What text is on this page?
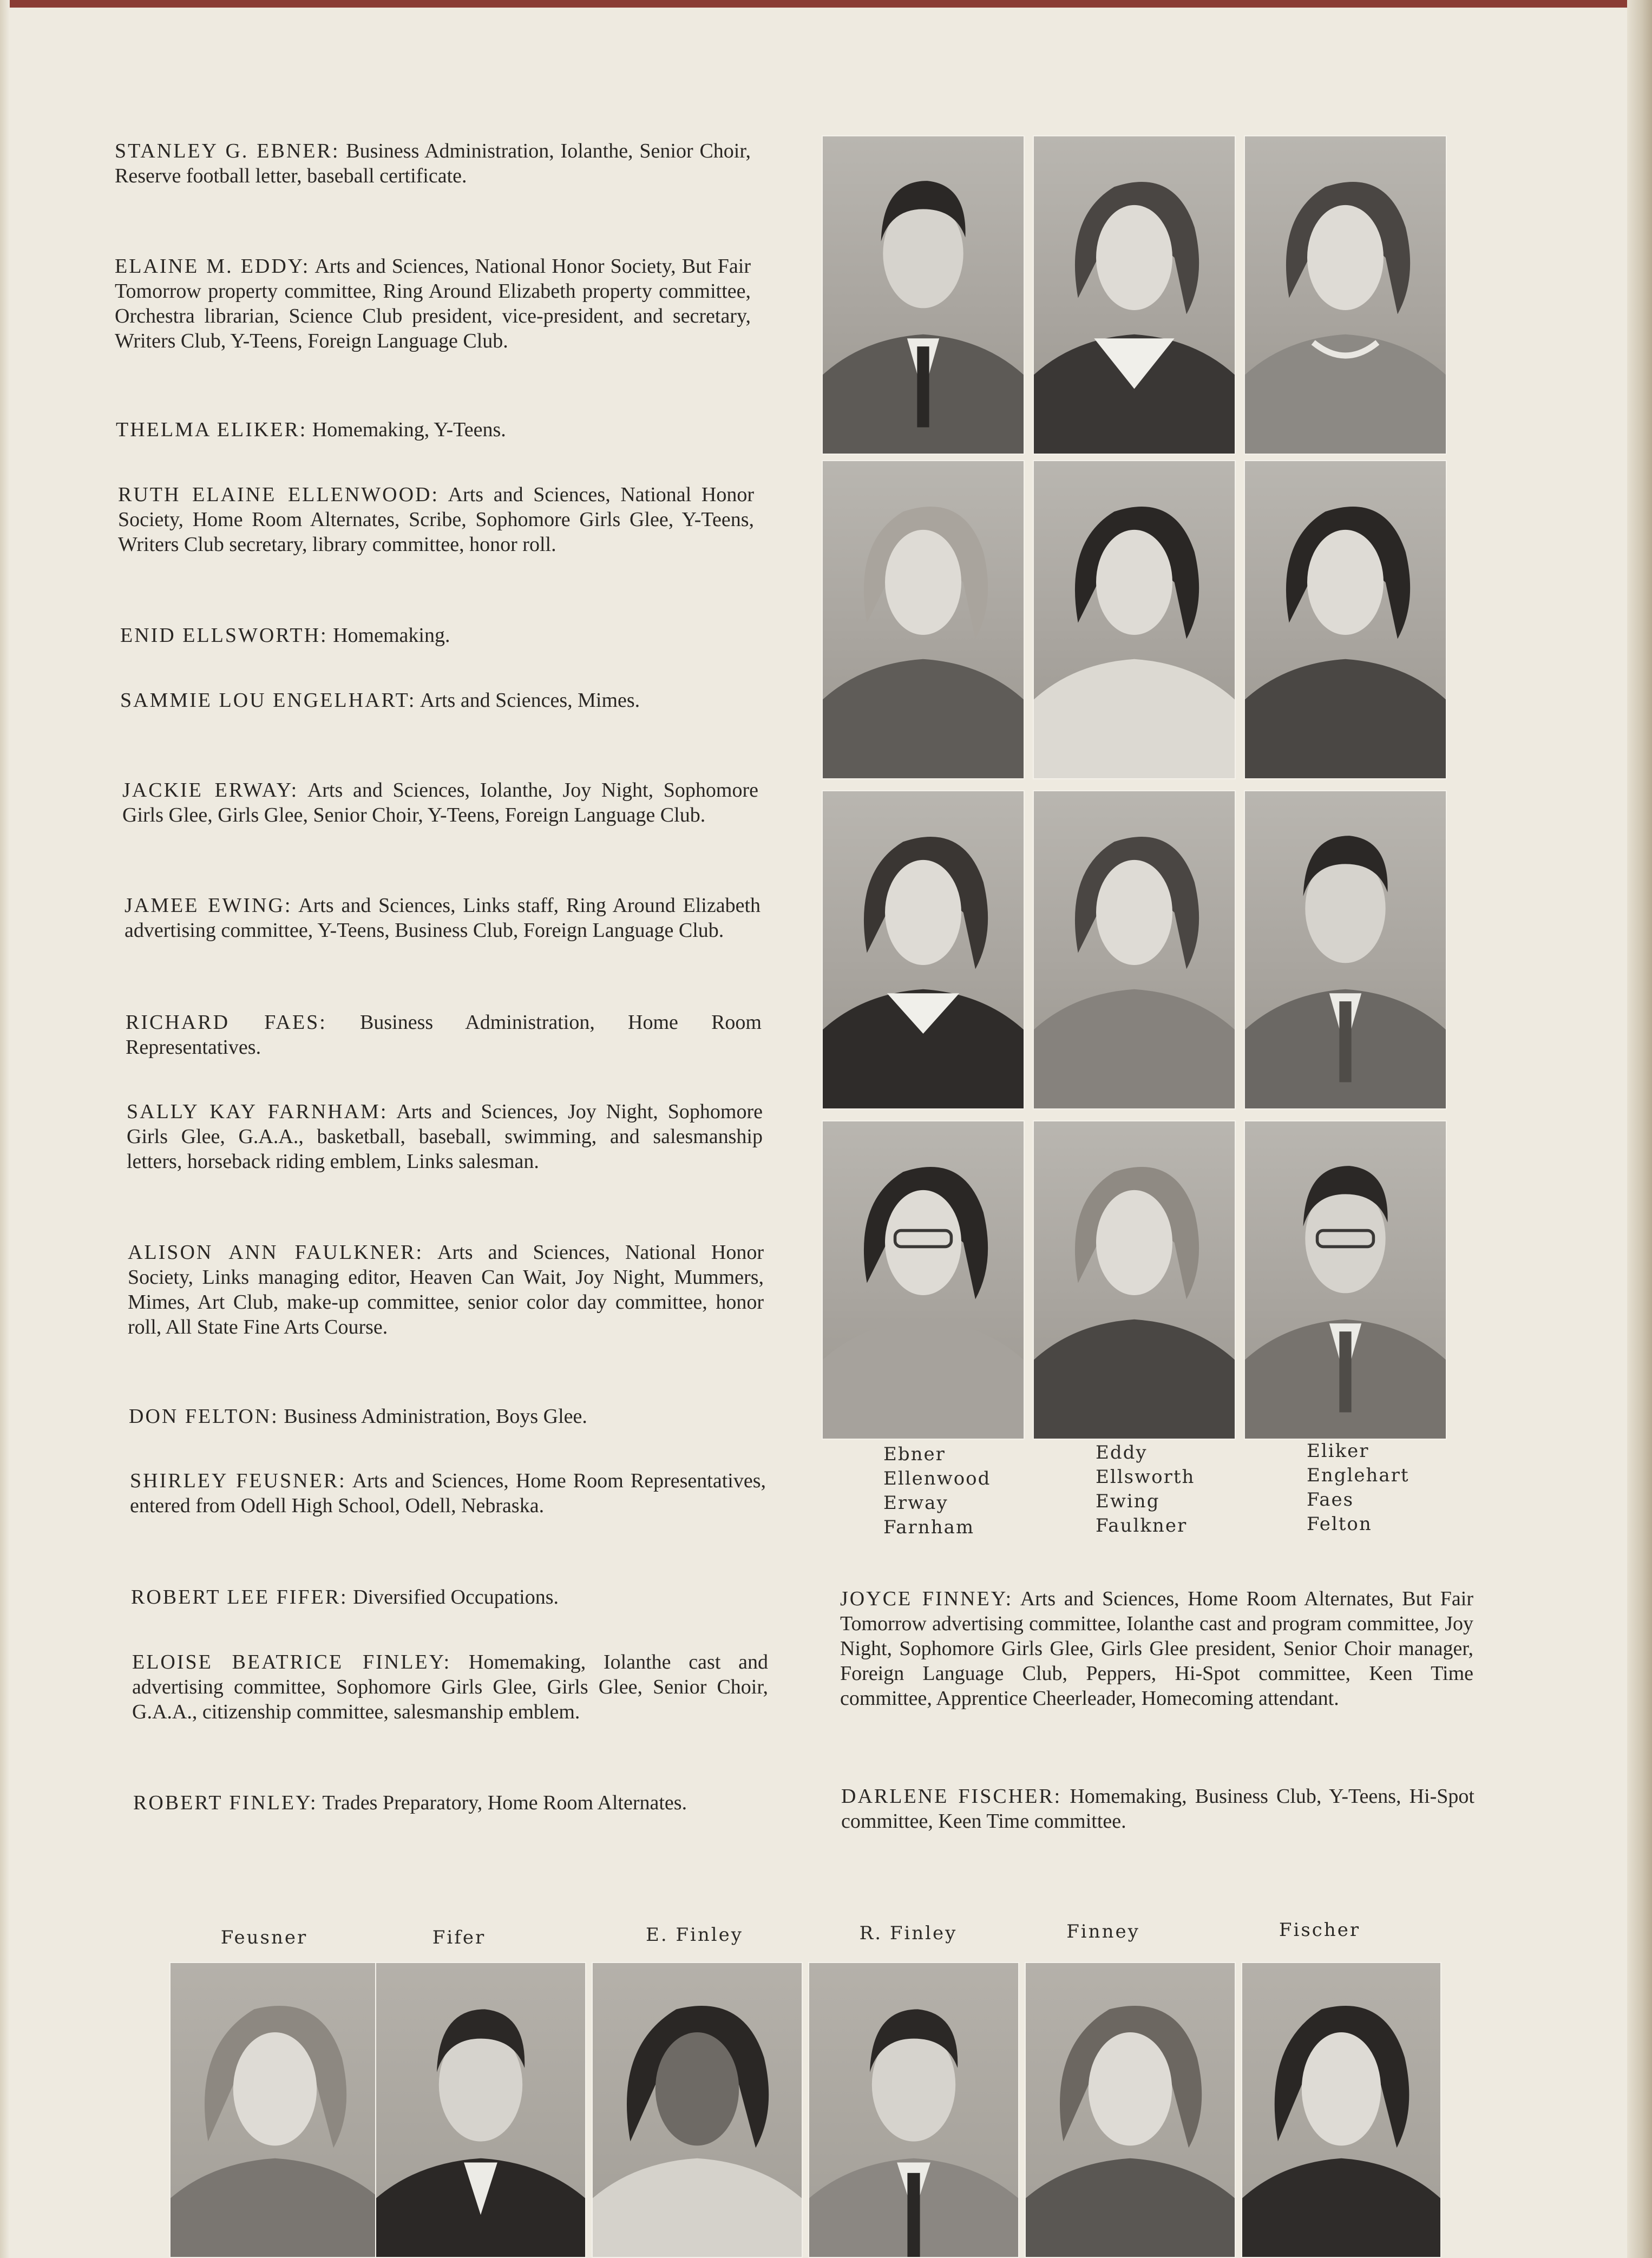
STANLEY G. EBNER: Business Administration, Iolanthe, Senior Choir, Reserve football letter, baseball certificate.
ELAINE M. EDDY: Arts and Sciences, National Honor Society, But Fair Tomorrow property committee, Ring Around Elizabeth property committee, Orchestra librarian, Science Club president, vice-president, and secretary, Writers Club, Y-Teens, Foreign Language Club.
THELMA ELIKER: Homemaking, Y-Teens.
RUTH ELAINE ELLENWOOD: Arts and Sciences, National Honor Society, Home Room Alternates, Scribe, Sophomore Girls Glee, Y-Teens, Writers Club secretary, library committee, honor roll.
ENID ELLSWORTH: Homemaking.
SAMMIE LOU ENGELHART: Arts and Sciences, Mimes.
JACKIE ERWAY: Arts and Sciences, Iolanthe, Joy Night, Sophomore Girls Glee, Girls Glee, Senior Choir, Y-Teens, Foreign Language Club.
JAMEE EWING: Arts and Sciences, Links staff, Ring Around Elizabeth advertising committee, Y-Teens, Business Club, Foreign Language Club.
RICHARD FAES: Business Administration, Home Room Representatives.
SALLY KAY FARNHAM: Arts and Sciences, Joy Night, Sophomore Girls Glee, G.A.A., basketball, baseball, swimming, and salesmanship letters, horseback riding emblem, Links salesman.
ALISON ANN FAULKNER: Arts and Sciences, National Honor Society, Links managing editor, Heaven Can Wait, Joy Night, Mummers, Mimes, Art Club, make-up committee, senior color day committee, honor roll, All State Fine Arts Course.
DON FELTON: Business Administration, Boys Glee.
SHIRLEY FEUSNER: Arts and Sciences, Home Room Representatives, entered from Odell High School, Odell, Nebraska.
ROBERT LEE FIFER: Diversified Occupations.
ELOISE BEATRICE FINLEY: Homemaking, Iolanthe cast and advertising committee, Sophomore Girls Glee, Girls Glee, Senior Choir, G.A.A., citizenship committee, salesmanship emblem.
ROBERT FINLEY: Trades Preparatory, Home Room Alternates.
JOYCE FINNEY: Arts and Sciences, Home Room Alternates, But Fair Tomorrow advertising committee, Iolanthe cast and program committee, Joy Night, Sophomore Girls Glee, Girls Glee president, Senior Choir manager, Foreign Language Club, Peppers, Hi-Spot committee, Keen Time committee, Apprentice Cheerleader, Homecoming attendant.
DARLENE FISCHER: Homemaking, Business Club, Y-Teens, Hi-Spot committee, Keen Time committee.
Ebner
Ellenwood
Erway
Farnham
Eddy
Ellsworth
Ewing
Faulkner
Eliker
Englehart
Faes
Felton
Feusner	Fifer	E. Finley	R. Finley	Finney	Fischer
